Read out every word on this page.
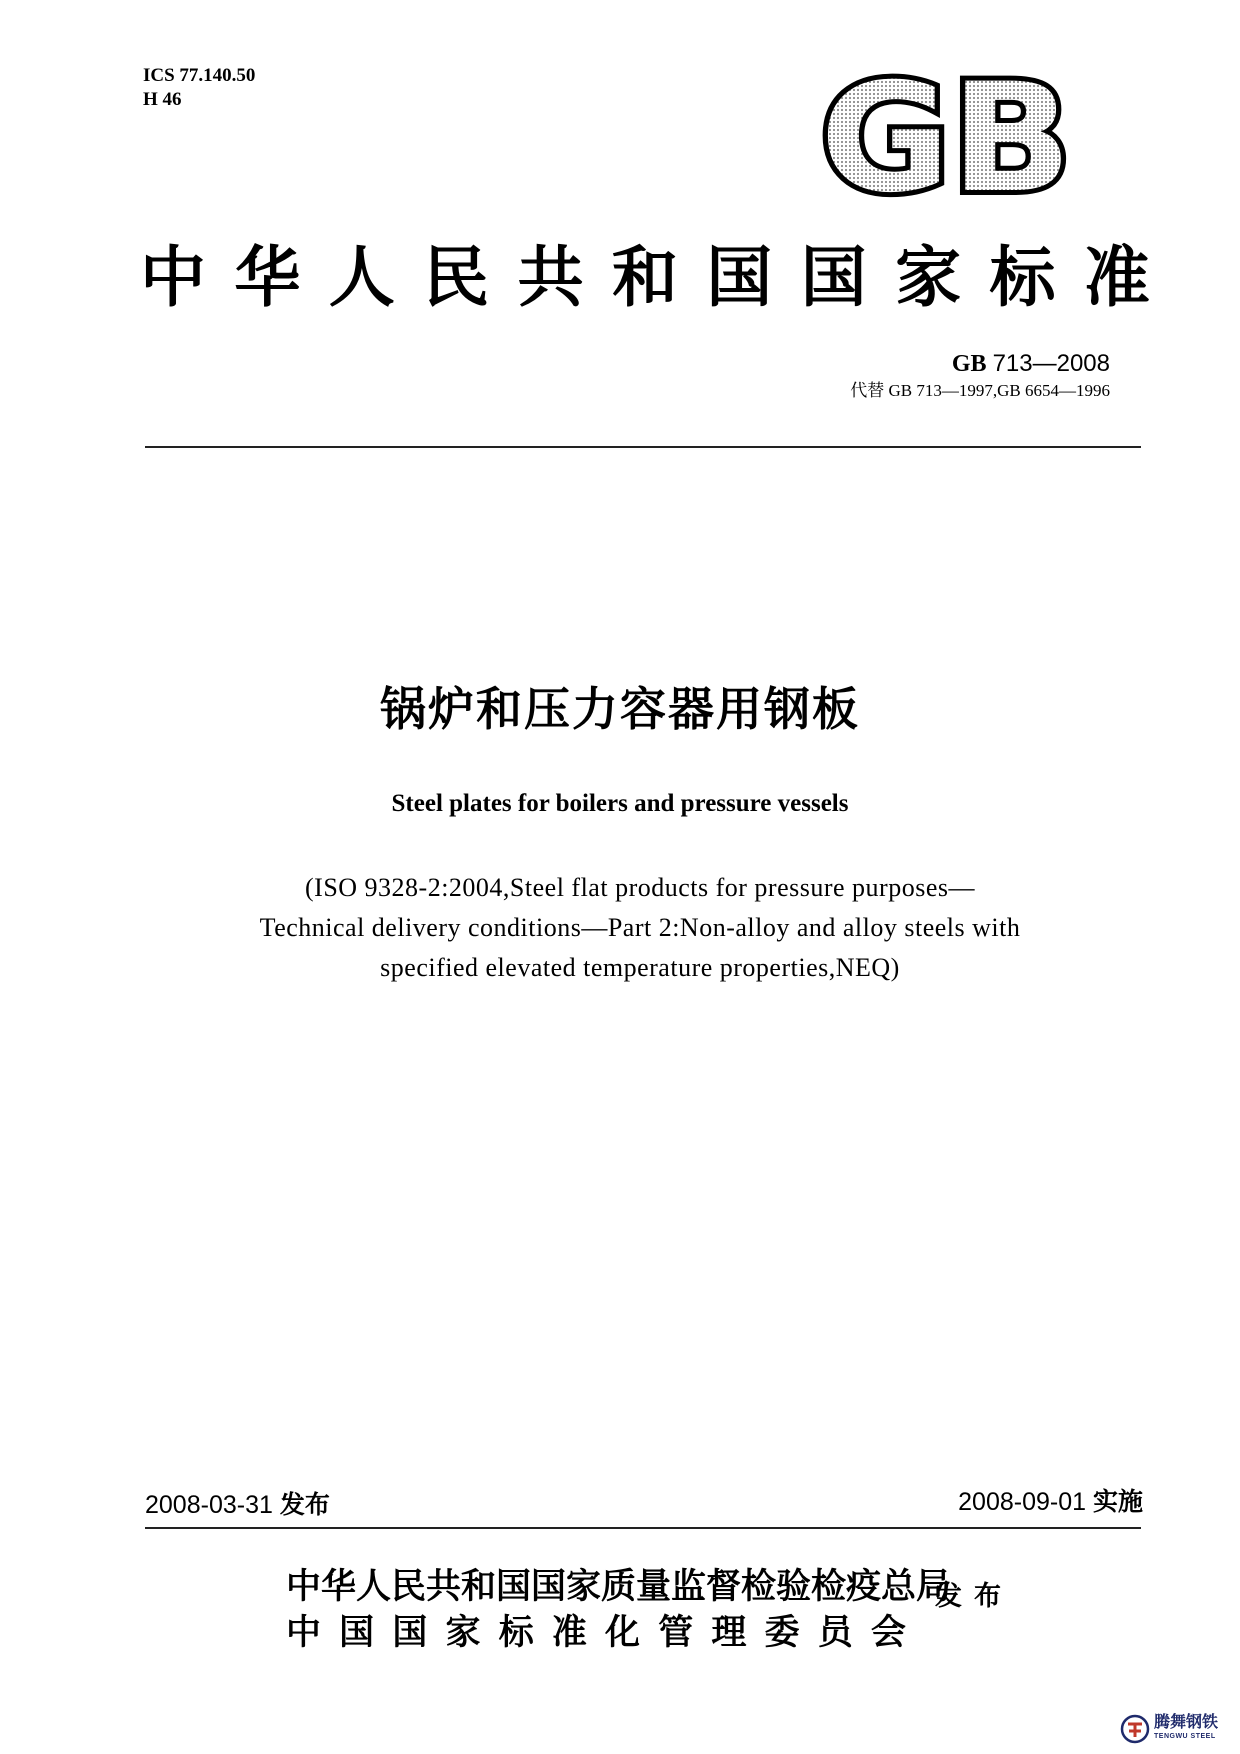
ICS 77.140.50
H 46	GB
中 华 人 民 共 和 国 国 家 标 准
GB 713—2008
代替 GB 713—1997,GB 6654—1996
锅炉和压力容器用钢板
Steel plates for boilers and pressure vessels
(ISO 9328-2:2004,Steel flat products for pressure purposes—
Technical delivery conditions—Part 2:Non-alloy and alloy steels with
specified elevated temperature properties,NEQ)
2008-03-31 发布	2008-09-01 实施
中华人民共和国国家质量监督检验检疫总局
中 国 国 家 标 准 化 管 理 委 员 会
发布
腾舞钢铁
TENGWU STEEL
